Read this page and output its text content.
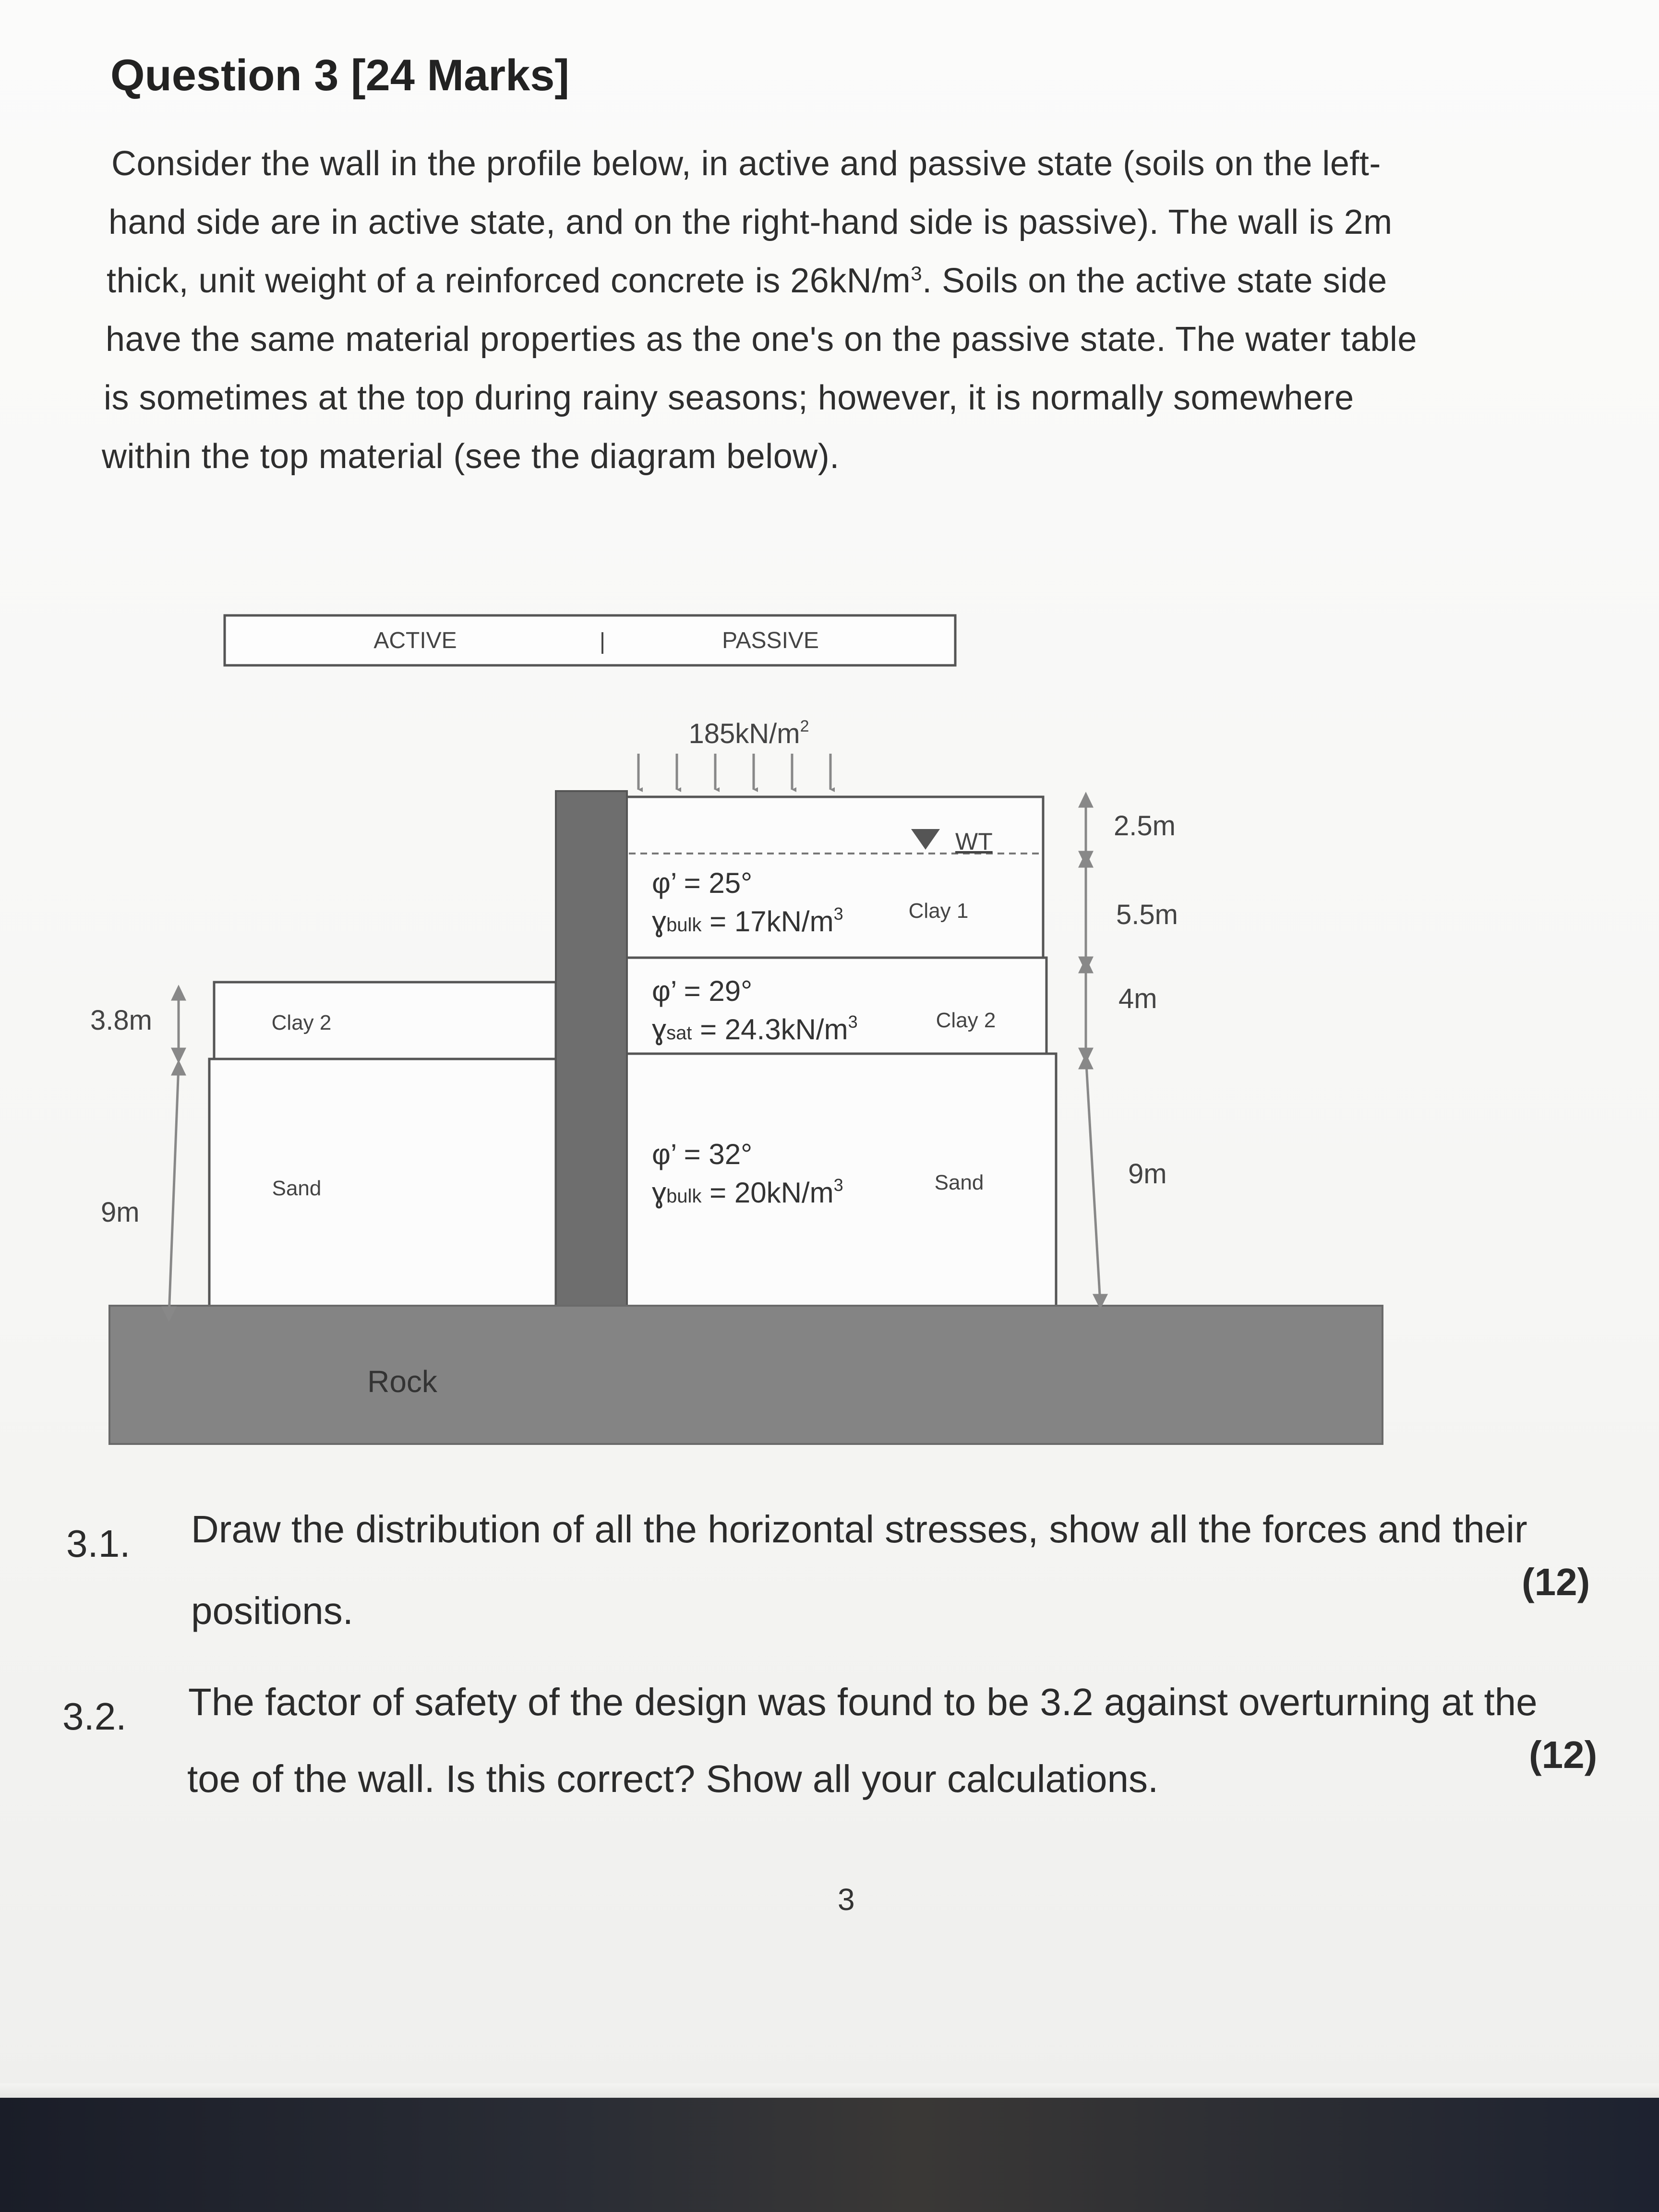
Question 3 [24 Marks]
Consider the wall in the profile below, in active and passive state (soils on the left-
hand side are in active state, and on the right-hand side is passive). The wall is 2m
thick, unit weight of a reinforced concrete is $26kN/m^3$. Soils on the active state side
have the same material properties as the one's on the passive state. The water table
is sometimes at the top during rainy seasons; however, it is normally somewhere
within the top material (see the diagram below).
ACTIVE	|	PASSIVE
$185kN/m^2$
Clay 2
Sand
WT
φ’ = 25°
ɣbulk = $17kN/m^3$	Clay 1
φ’ = 29°
ɣsat = $24.3kN/m^3$	Clay 2
φ’ = 32°
ɣbulk = $20kN/m^3$	Sand
Rock
2.5m
5.5m
4m
9m
3.8m
9m
3.1. Draw the distribution of all the horizontal stresses, show all the forces and their
positions.
(12)
3.2. The factor of safety of the design was found to be 3.2 against overturning at the
toe of the wall. Is this correct? Show all your calculations.
(12)
3
